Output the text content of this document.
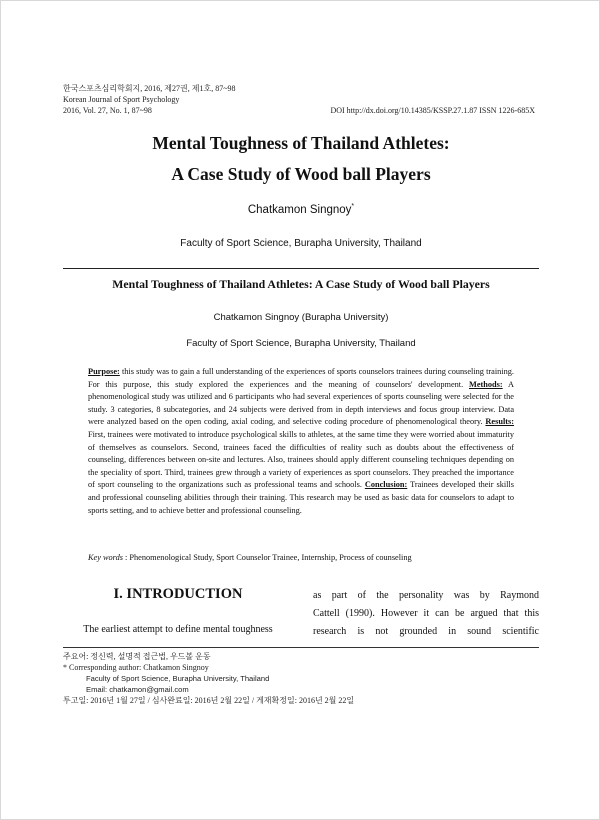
한국스포츠심리학회지, 2016, 제27권, 제1호, 87~98
Korean Journal of Sport Psychology
2016, Vol. 27, No. 1, 87~98	DOI http://dx.doi.org/10.14385/KSSP.27.1.87 ISSN 1226-685X
Mental Toughness of Thailand Athletes:
A Case Study of Wood ball Players
Chatkamon Singnoy*
Faculty of Sport Science, Burapha University, Thailand
Mental Toughness of Thailand Athletes: A Case Study of Wood ball Players
Chatkamon Singnoy (Burapha University)
Faculty of Sport Science, Burapha University, Thailand
Purpose: this study was to gain a full understanding of the experiences of sports counselors trainees during counseling training. For this purpose, this study explored the experiences and the meaning of counselors' development. Methods: A phenomenological study was utilized and 6 participants who had several experiences of sports counseling were selected for the study. 3 categories, 8 subcategories, and 24 subjects were derived from in depth interviews and focus group interview. Data were analyzed based on the open coding, axial coding, and selective coding procedure of phenomenological theory. Results: First, trainees were motivated to introduce psychological skills to athletes, at the same time they were worried about immaturity of themselves as counselors. Second, trainees faced the difficulties of reality such as doubts about the effectiveness of counseling, differences between on-site and lectures. Also, trainees should apply different counseling techniques depending on the speciality of sport. Third, trainees grew through a variety of experiences as sport counselors. They preached the importance of sport counseling to the organizations such as professional teams and schools. Conclusion: Trainees developed their skills and professional counseling abilities through their training. This research may be used as basic data for counselors to adapt to sports setting, and to achieve better and professional counseling.
Key words : Phenomenological Study, Sport Counselor Trainee, Internship, Process of counseling
I. INTRODUCTION
The earliest attempt to define mental toughness
as part of the personality was by Raymond
Cattell (1990). However it can be argued that this
research is not grounded in sound scientific
주요어: 정신력, 설명적 접근법, 우드볼 운동
* Corresponding author: Chatkamon Singnoy
Faculty of Sport Science, Burapha University, Thailand
Email: chatkamon@gmail.com
투고일: 2016년 1월 27일 / 심사완료일: 2016년 2월 22일 / 게재확정일: 2016년 2월 22일
